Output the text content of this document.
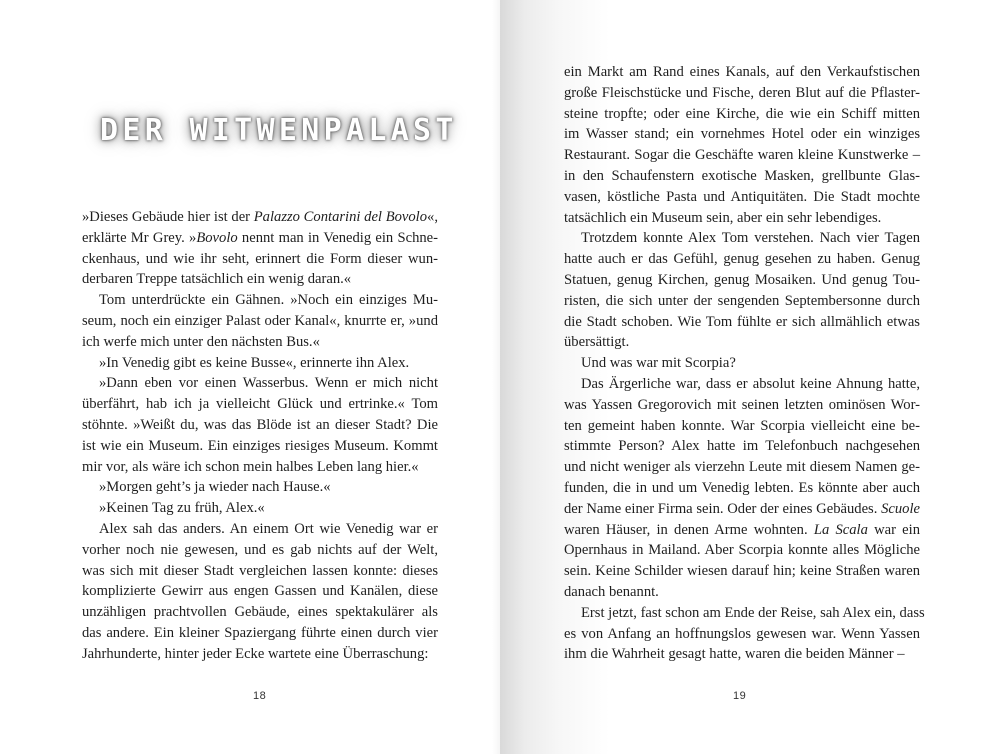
DER WITWENPALAST

»Dieses Gebäude hier ist der Palazzo Contarini del Bovolo«,
erklärte Mr Grey. »Bovolo nennt man in Venedig ein Schne-
ckenhaus, und wie ihr seht, erinnert die Form dieser wun-
derbaren Treppe tatsächlich ein wenig daran.«

Tom unterdrückte ein Gähnen. »Noch ein einziges Mu-
seum, noch ein einziger Palast oder Kanal«, knurrte er, »und
ich werfe mich unter den nächsten Bus.«

»In Venedig gibt es keine Busse«, erinnerte ihn Alex.

»Dann eben vor einen Wasserbus. Wenn er mich nicht
überfährt, hab ich ja vielleicht Glück und ertrinke.« Tom
stöhnte. »Weißt du, was das Blöde ist an dieser Stadt? Die
ist wie ein Museum. Ein einziges riesiges Museum. Kommt
mir vor, als wäre ich schon mein halbes Leben lang hier.«

»Morgen geht’s ja wieder nach Hause.«

»Keinen Tag zu früh, Alex.«

Alex sah das anders. An einem Ort wie Venedig war er
vorher noch nie gewesen, und es gab nichts auf der Welt,
was sich mit dieser Stadt vergleichen lassen konnte: dieses
komplizierte Gewirr aus engen Gassen und Kanälen, diese
unzähligen prachtvollen Gebäude, eines spektakulärer als
das andere. Ein kleiner Spaziergang führte einen durch vier
Jahrhunderte, hinter jeder Ecke wartete eine Überraschung:

18	19

ein Markt am Rand eines Kanals, auf den Verkaufstischen
große Fleischstücke und Fische, deren Blut auf die Pflaster-
steine tropfte; oder eine Kirche, die wie ein Schiff mitten
im Wasser stand; ein vornehmes Hotel oder ein winziges
Restaurant. Sogar die Geschäfte waren kleine Kunstwerke –
in den Schaufenstern exotische Masken, grellbunte Glas-
vasen, köstliche Pasta und Antiquitäten. Die Stadt mochte
tatsächlich ein Museum sein, aber ein sehr lebendiges.

Trotzdem konnte Alex Tom verstehen. Nach vier Tagen
hatte auch er das Gefühl, genug gesehen zu haben. Genug
Statuen, genug Kirchen, genug Mosaiken. Und genug Tou-
risten, die sich unter der sengenden Septembersonne durch
die Stadt schoben. Wie Tom fühlte er sich allmählich etwas
übersättigt.

Und was war mit Scorpia?

Das Ärgerliche war, dass er absolut keine Ahnung hatte,
was Yassen Gregorovich mit seinen letzten ominösen Wor-
ten gemeint haben konnte. War Scorpia vielleicht eine be-
stimmte Person? Alex hatte im Telefonbuch nachgesehen
und nicht weniger als vierzehn Leute mit diesem Namen ge-
funden, die in und um Venedig lebten. Es könnte aber auch
der Name einer Firma sein. Oder der eines Gebäudes. Scuole
waren Häuser, in denen Arme wohnten. La Scala war ein
Opernhaus in Mailand. Aber Scorpia konnte alles Mögliche
sein. Keine Schilder wiesen darauf hin; keine Straßen waren
danach benannt.

Erst jetzt, fast schon am Ende der Reise, sah Alex ein, dass
es von Anfang an hoffnungslos gewesen war. Wenn Yassen
ihm die Wahrheit gesagt hatte, waren die beiden Männer –
